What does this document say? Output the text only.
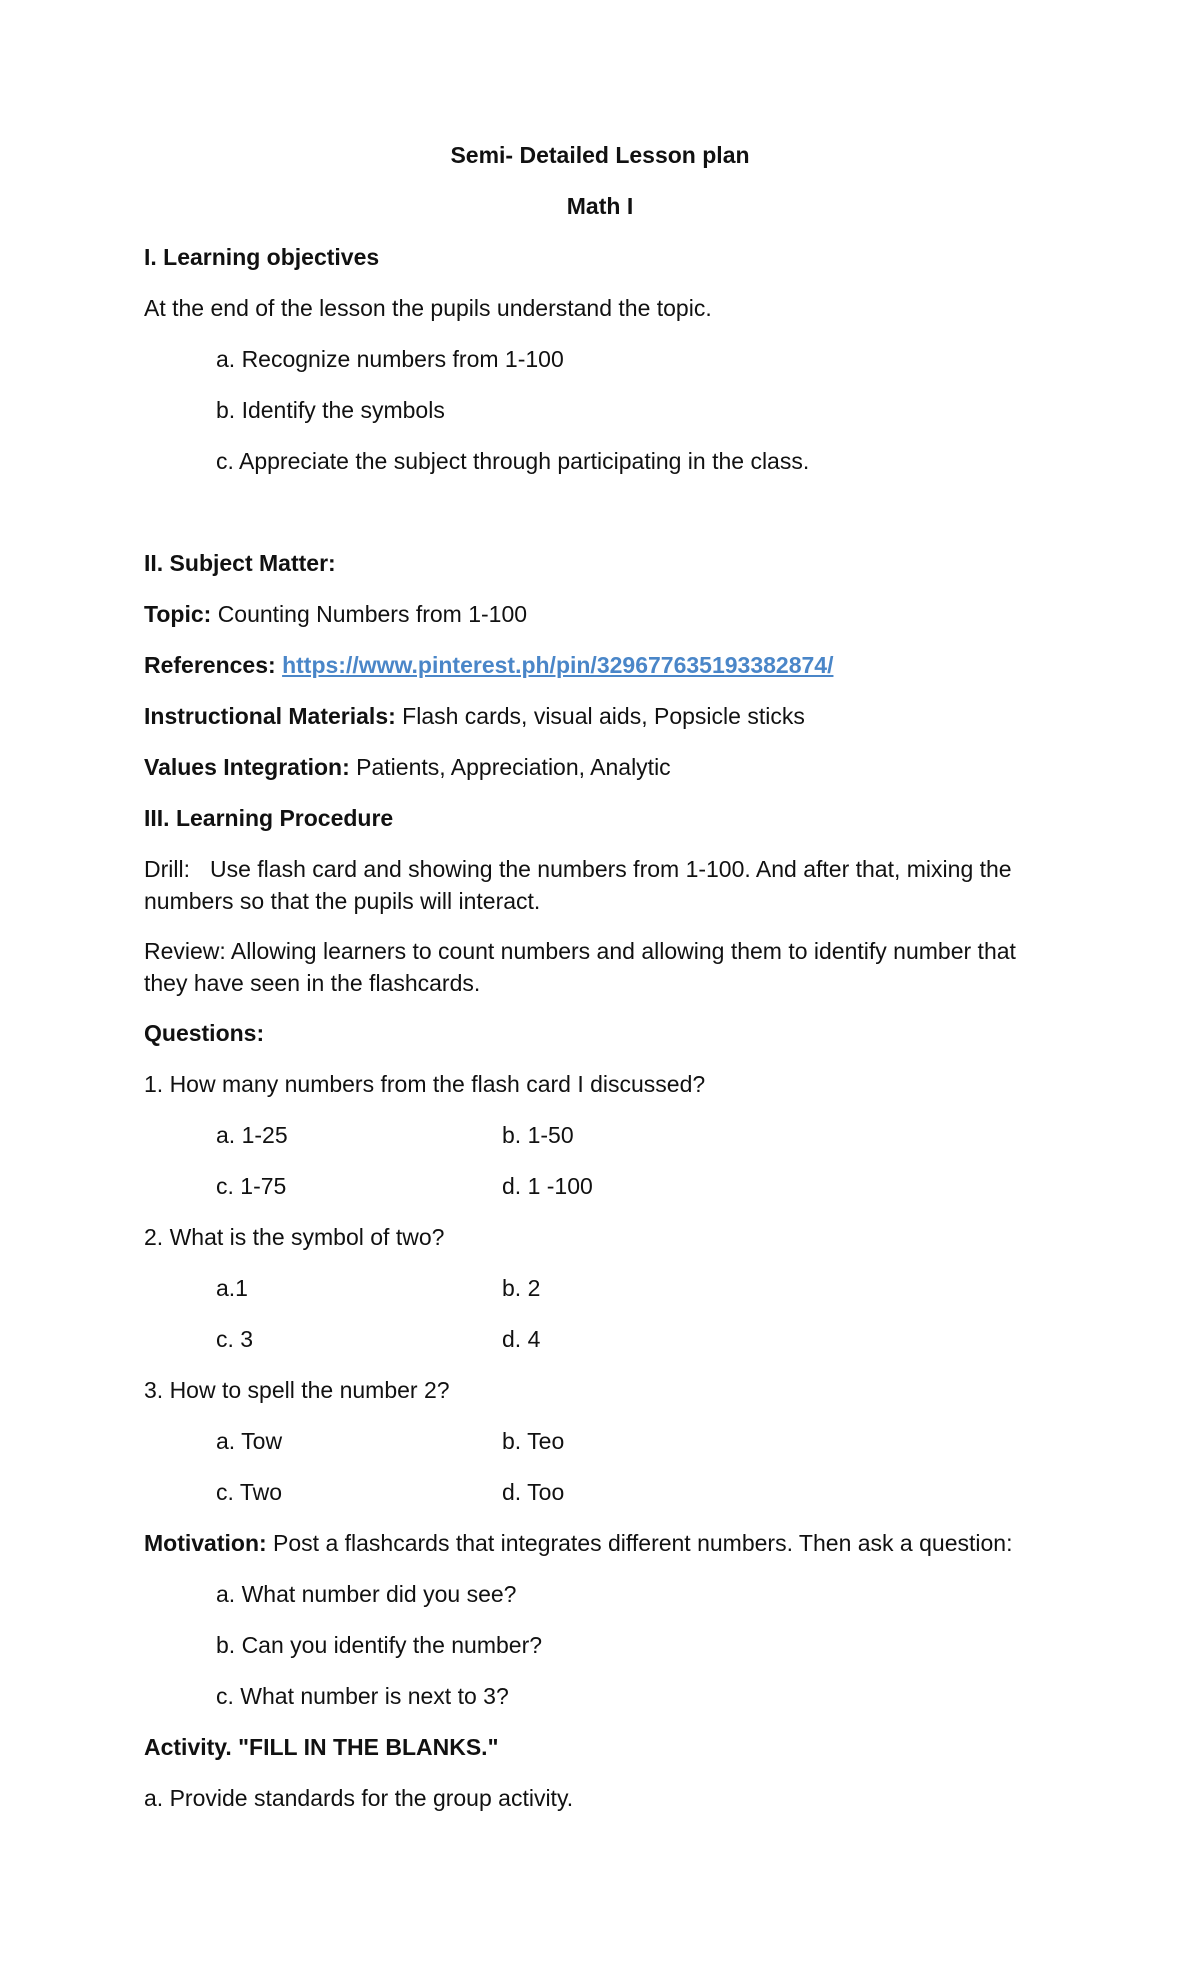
Semi- Detailed Lesson plan
Math I
I. Learning objectives
At the end of the lesson the pupils understand the topic.
a. Recognize numbers from 1-100
b. Identify the symbols
c. Appreciate the subject through participating in the class.
II. Subject Matter:
Topic: Counting Numbers from 1-100
References: https://www.pinterest.ph/pin/329677635193382874/
Instructional Materials: Flash cards, visual aids, Popsicle sticks
Values Integration: Patients, Appreciation, Analytic
III. Learning Procedure
Drill: Use flash card and showing the numbers from 1-100. And after that, mixing the numbers so that the pupils will interact.
Review: Allowing learners to count numbers and allowing them to identify number that they have seen in the flashcards.
Questions:
1. How many numbers from the flash card I discussed?
a. 1-25	b. 1-50
c. 1-75	d. 1 -100
2. What is the symbol of two?
a.1	b. 2
c. 3	d. 4
3. How to spell the number 2?
a. Tow	b. Teo
c. Two	d. Too
Motivation: Post a flashcards that integrates different numbers. Then ask a question:
a. What number did you see?
b. Can you identify the number?
c. What number is next to 3?
Activity. "FILL IN THE BLANKS."
a. Provide standards for the group activity.
